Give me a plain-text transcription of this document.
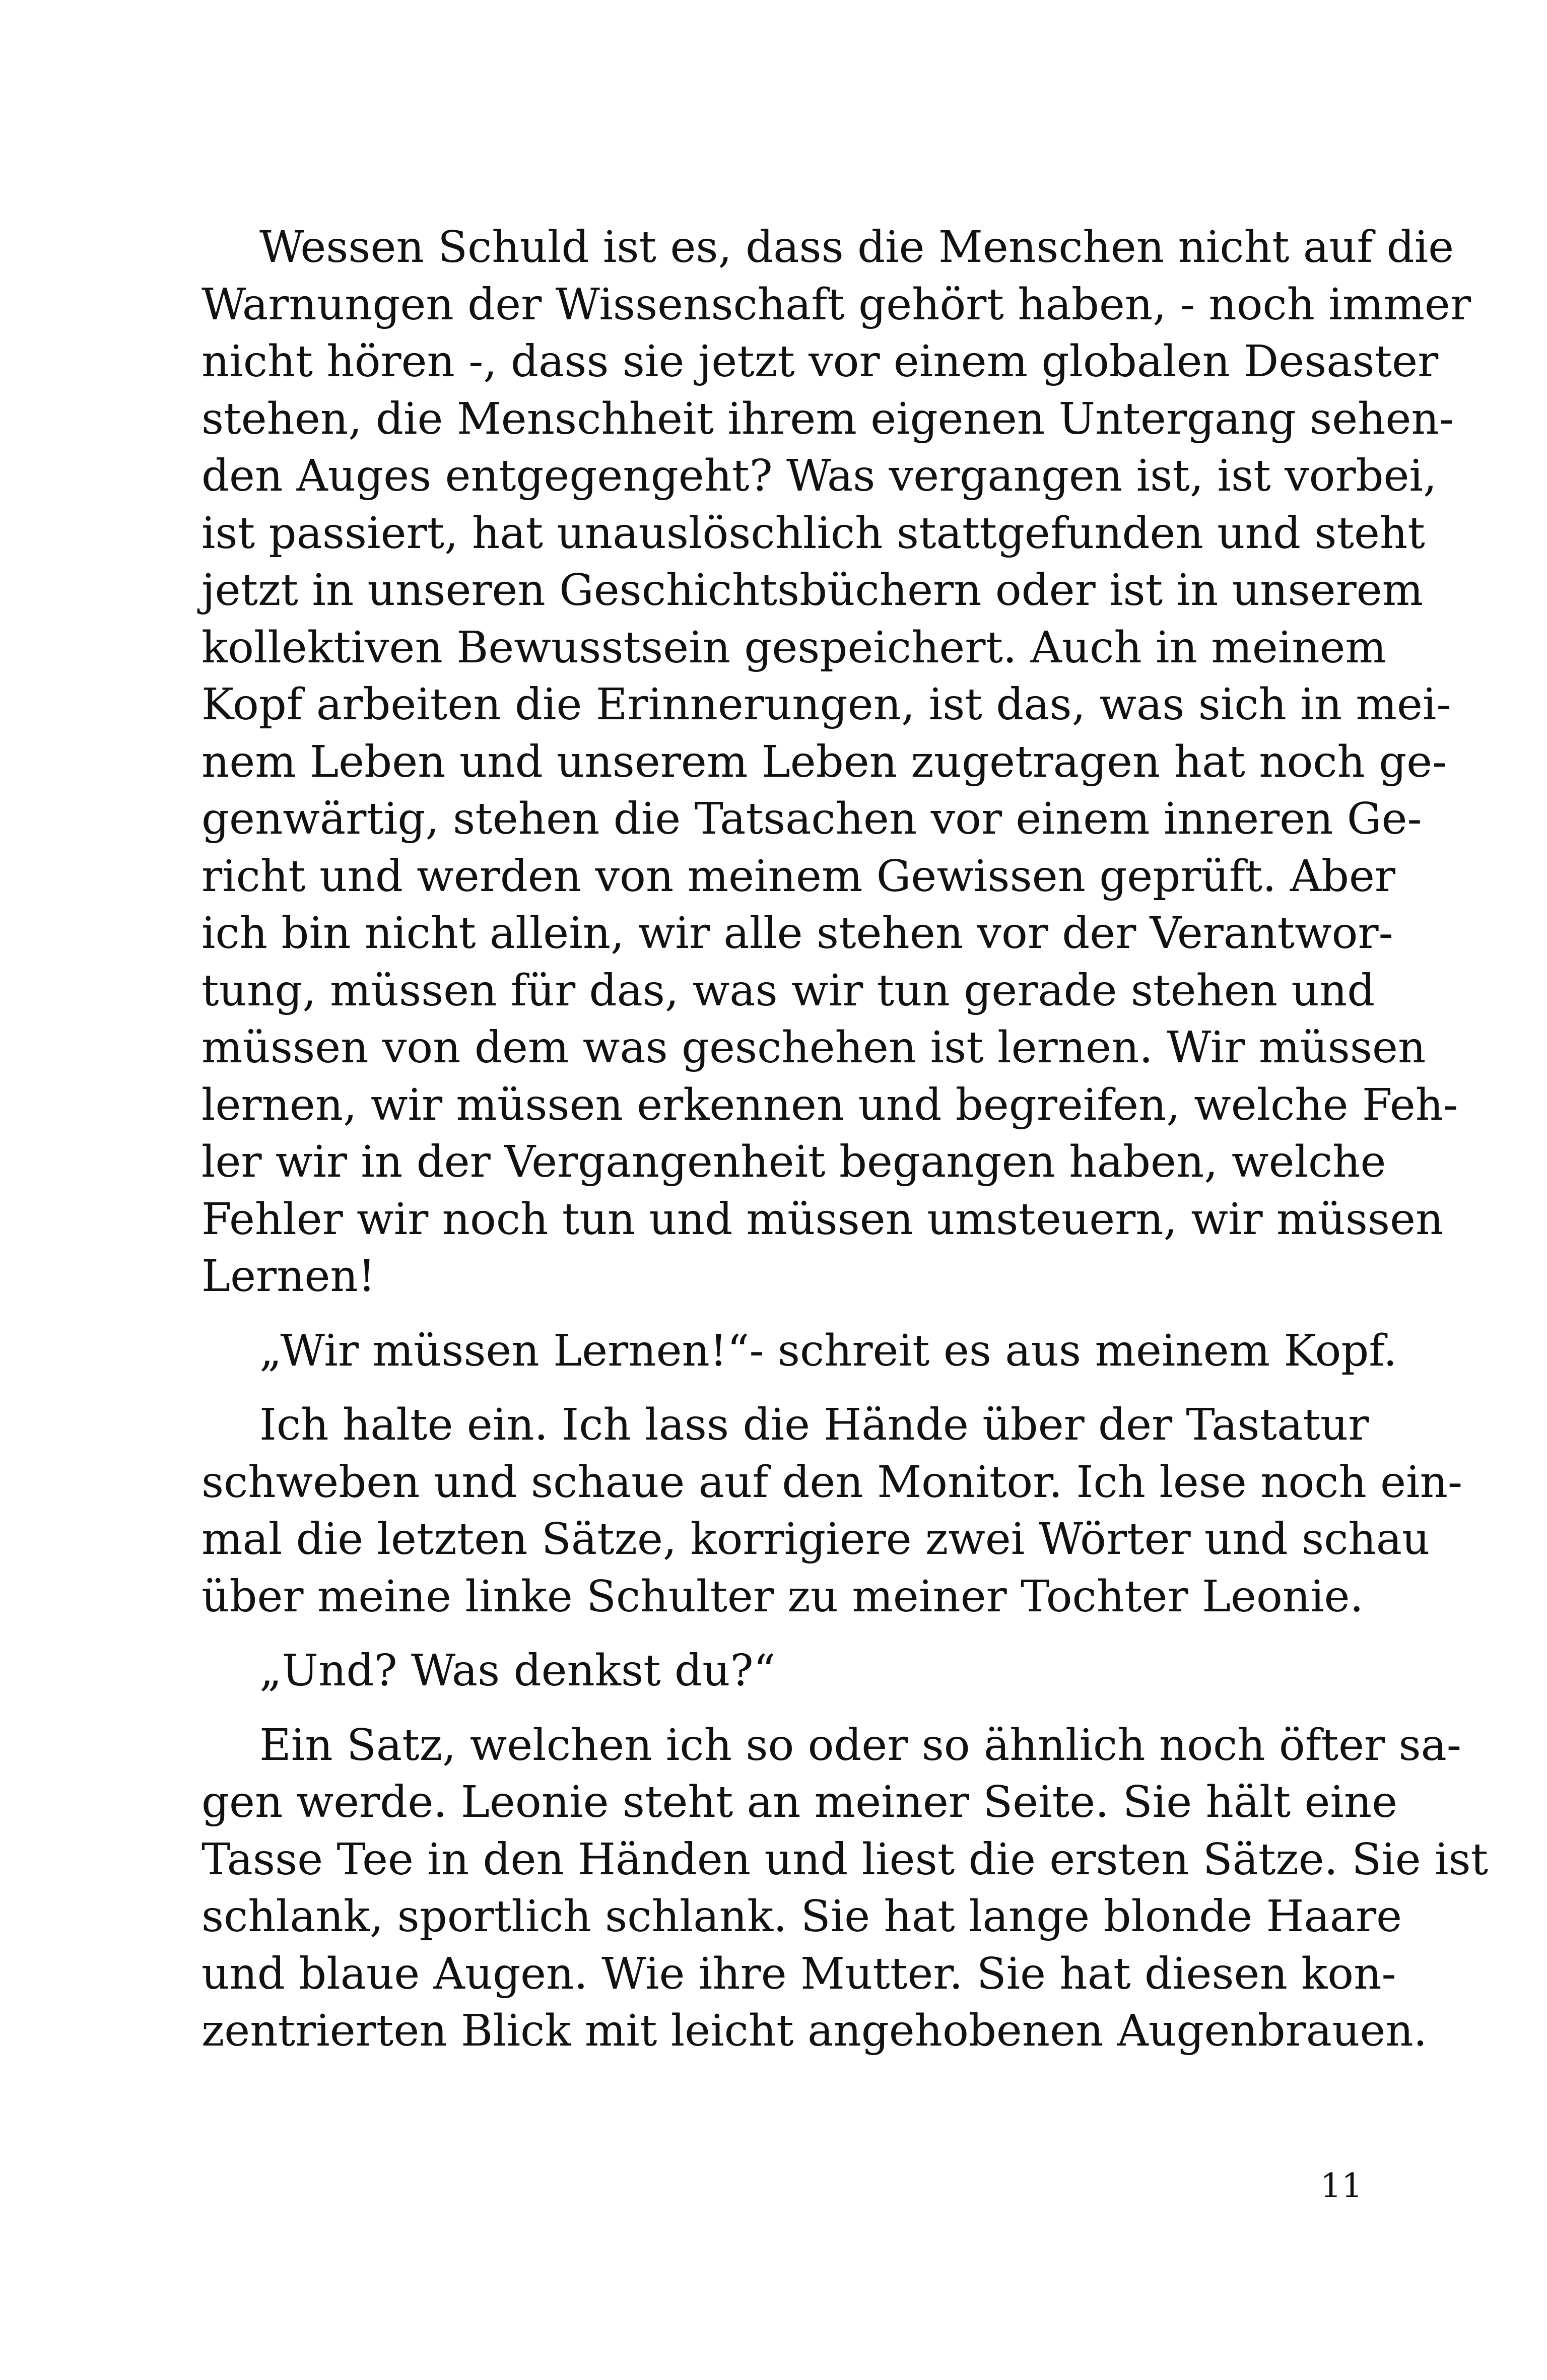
Wessen Schuld ist es, dass die Menschen nicht auf die
Warnungen der Wissenschaft gehört haben, - noch immer
nicht hören -, dass sie jetzt vor einem globalen Desaster
stehen, die Menschheit ihrem eigenen Untergang sehen-
den Auges entgegengeht? Was vergangen ist, ist vorbei,
ist passiert, hat unauslöschlich stattgefunden und steht
jetzt in unseren Geschichtsbüchern oder ist in unserem
kollektiven Bewusstsein gespeichert. Auch in meinem
Kopf arbeiten die Erinnerungen, ist das, was sich in mei-
nem Leben und unserem Leben zugetragen hat noch ge-
genwärtig, stehen die Tatsachen vor einem inneren Ge-
richt und werden von meinem Gewissen geprüft. Aber
ich bin nicht allein, wir alle stehen vor der Verantwor-
tung, müssen für das, was wir tun gerade stehen und
müssen von dem was geschehen ist lernen. Wir müssen
lernen, wir müssen erkennen und begreifen, welche Feh-
ler wir in der Vergangenheit begangen haben, welche
Fehler wir noch tun und müssen umsteuern, wir müssen
Lernen!
„Wir müssen Lernen!“- schreit es aus meinem Kopf.
Ich halte ein. Ich lass die Hände über der Tastatur
schweben und schaue auf den Monitor. Ich lese noch ein-
mal die letzten Sätze, korrigiere zwei Wörter und schau
über meine linke Schulter zu meiner Tochter Leonie.
„Und? Was denkst du?“
Ein Satz, welchen ich so oder so ähnlich noch öfter sa-
gen werde. Leonie steht an meiner Seite. Sie hält eine
Tasse Tee in den Händen und liest die ersten Sätze. Sie ist
schlank, sportlich schlank. Sie hat lange blonde Haare
und blaue Augen. Wie ihre Mutter. Sie hat diesen kon-
zentrierten Blick mit leicht angehobenen Augenbrauen.
11
